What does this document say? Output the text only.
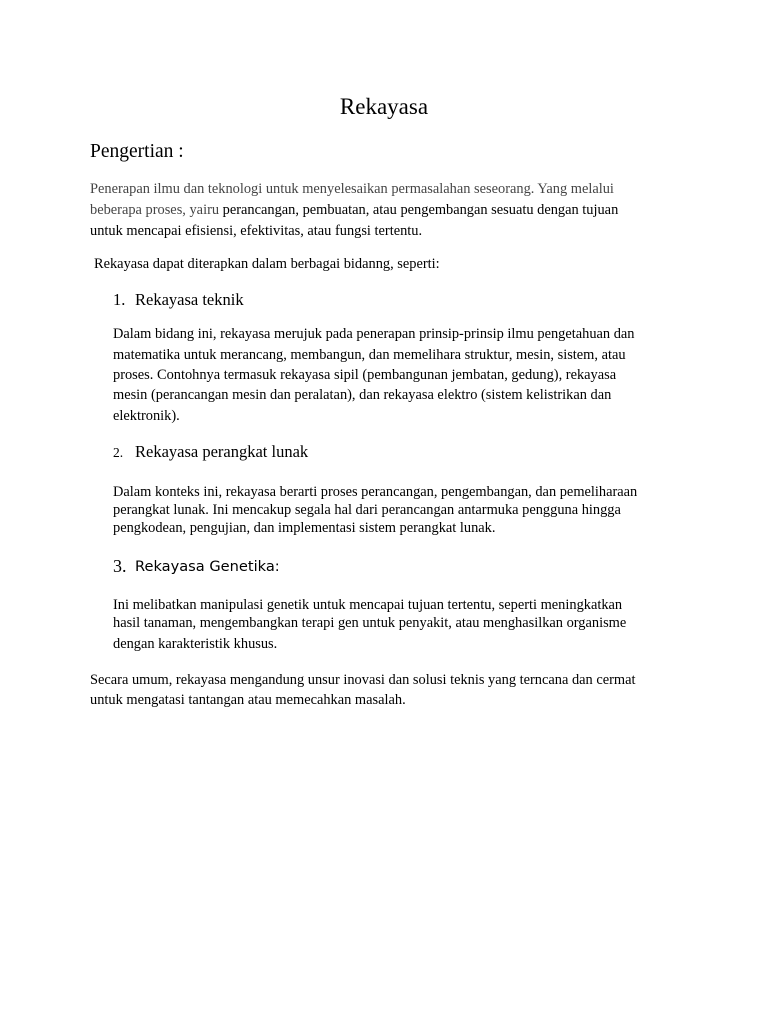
Rekayasa
Pengertian :
Penerapan ilmu dan teknologi untuk menyelesaikan permasalahan seseorang. Yang melalui
beberapa proses, yairu perancangan, pembuatan, atau pengembangan sesuatu dengan tujuan
untuk mencapai efisiensi, efektivitas, atau fungsi tertentu.
Rekayasa dapat diterapkan dalam berbagai bidanng, seperti:
1. Rekayasa teknik
Dalam bidang ini, rekayasa merujuk pada penerapan prinsip-prinsip ilmu pengetahuan dan
matematika untuk merancang, membangun, dan memelihara struktur, mesin, sistem, atau
proses. Contohnya termasuk rekayasa sipil (pembangunan jembatan, gedung), rekayasa
mesin (perancangan mesin dan peralatan), dan rekayasa elektro (sistem kelistrikan dan
elektronik).
2. Rekayasa perangkat lunak
Dalam konteks ini, rekayasa berarti proses perancangan, pengembangan, dan pemeliharaan
perangkat lunak. Ini mencakup segala hal dari perancangan antarmuka pengguna hingga
pengkodean, pengujian, dan implementasi sistem perangkat lunak.
3. Rekayasa Genetika:
Ini melibatkan manipulasi genetik untuk mencapai tujuan tertentu, seperti meningkatkan
hasil tanaman, mengembangkan terapi gen untuk penyakit, atau menghasilkan organisme
dengan karakteristik khusus.
Secara umum, rekayasa mengandung unsur inovasi dan solusi teknis yang terncana dan cermat
untuk mengatasi tantangan atau memecahkan masalah.
